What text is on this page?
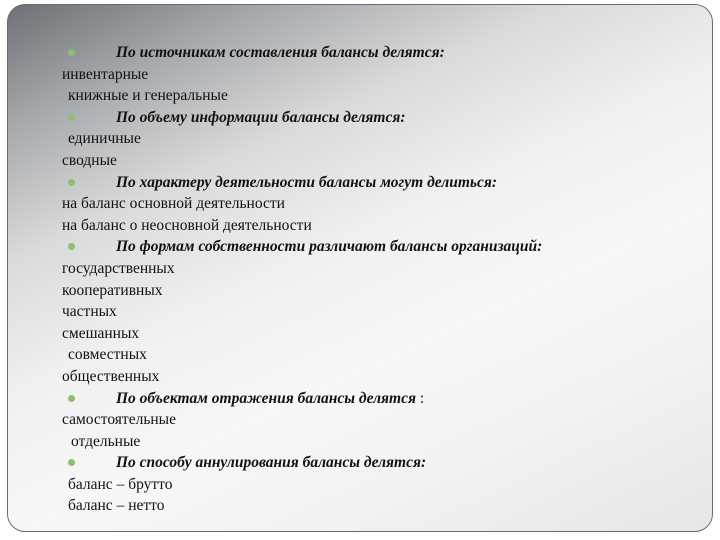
По источникам составления балансы делятся:
инвентарные
книжные и генеральные
По объему информации балансы делятся:
единичные
сводные
По характеру деятельности балансы могут делиться:
на баланс основной деятельности
на баланс о неосновной деятельности
По формам собственности различают балансы организаций:
государственных
кооперативных
частных
смешанных
совместных
общественных
По объектам отражения балансы делятся :
самостоятельные
отдельные
По способу аннулирования балансы делятся:
баланс – брутто
баланс – нетто
